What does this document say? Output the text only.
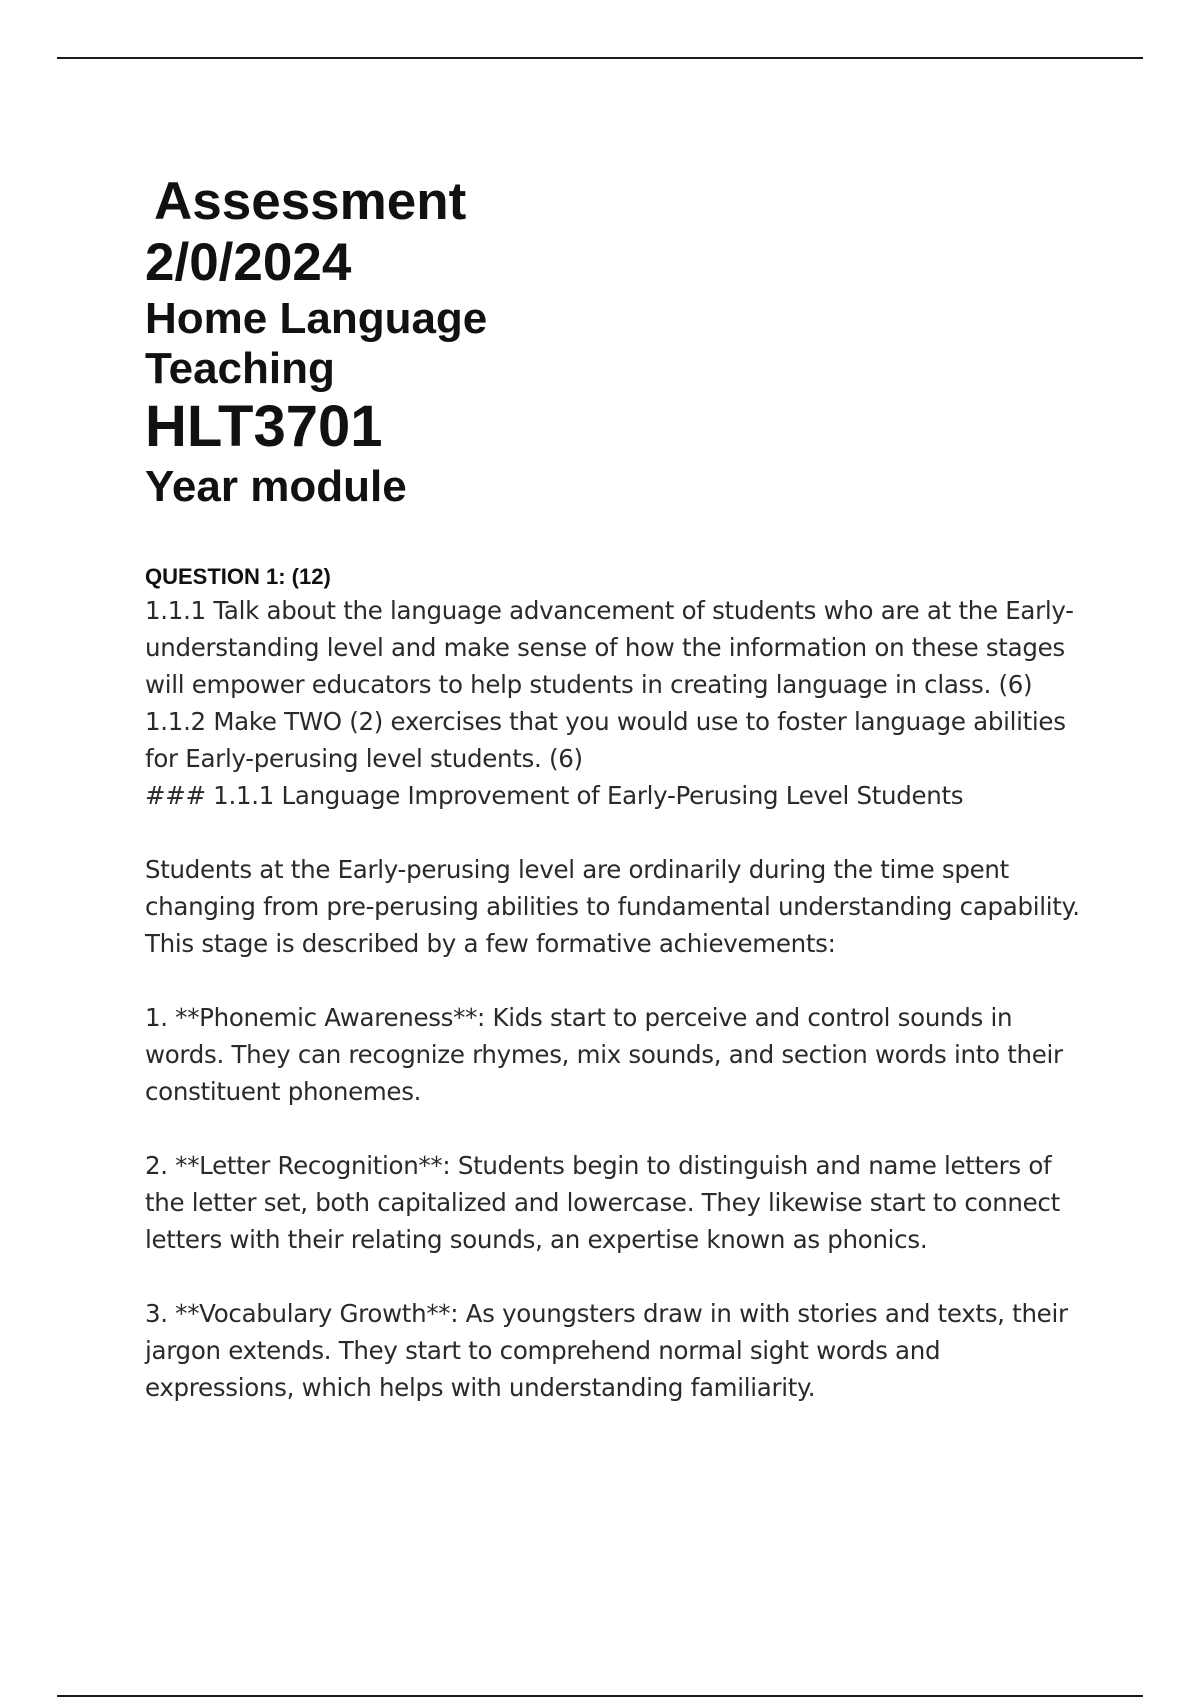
Assessment
2/0/2024
Home Language
Teaching
HLT3701
Year module
QUESTION 1: (12)

1.1.1 Talk about the language advancement of students who are at the Early-understanding level and make sense of how the information on these stages will empower educators to help students in creating language in class. (6)

1.1.2 Make TWO (2) exercises that you would use to foster language abilities for Early-perusing level students. (6)

### 1.1.1 Language Improvement of Early-Perusing Level Students

Students at the Early-perusing level are ordinarily during the time spent changing from pre-perusing abilities to fundamental understanding capability. This stage is described by a few formative achievements:

1. **Phonemic Awareness**: Kids start to perceive and control sounds in words. They can recognize rhymes, mix sounds, and section words into their constituent phonemes.

2. **Letter Recognition**: Students begin to distinguish and name letters of the letter set, both capitalized and lowercase. They likewise start to connect letters with their relating sounds, an expertise known as phonics.

3. **Vocabulary Growth**: As youngsters draw in with stories and texts, their jargon extends. They start to comprehend normal sight words and expressions, which helps with understanding familiarity.
